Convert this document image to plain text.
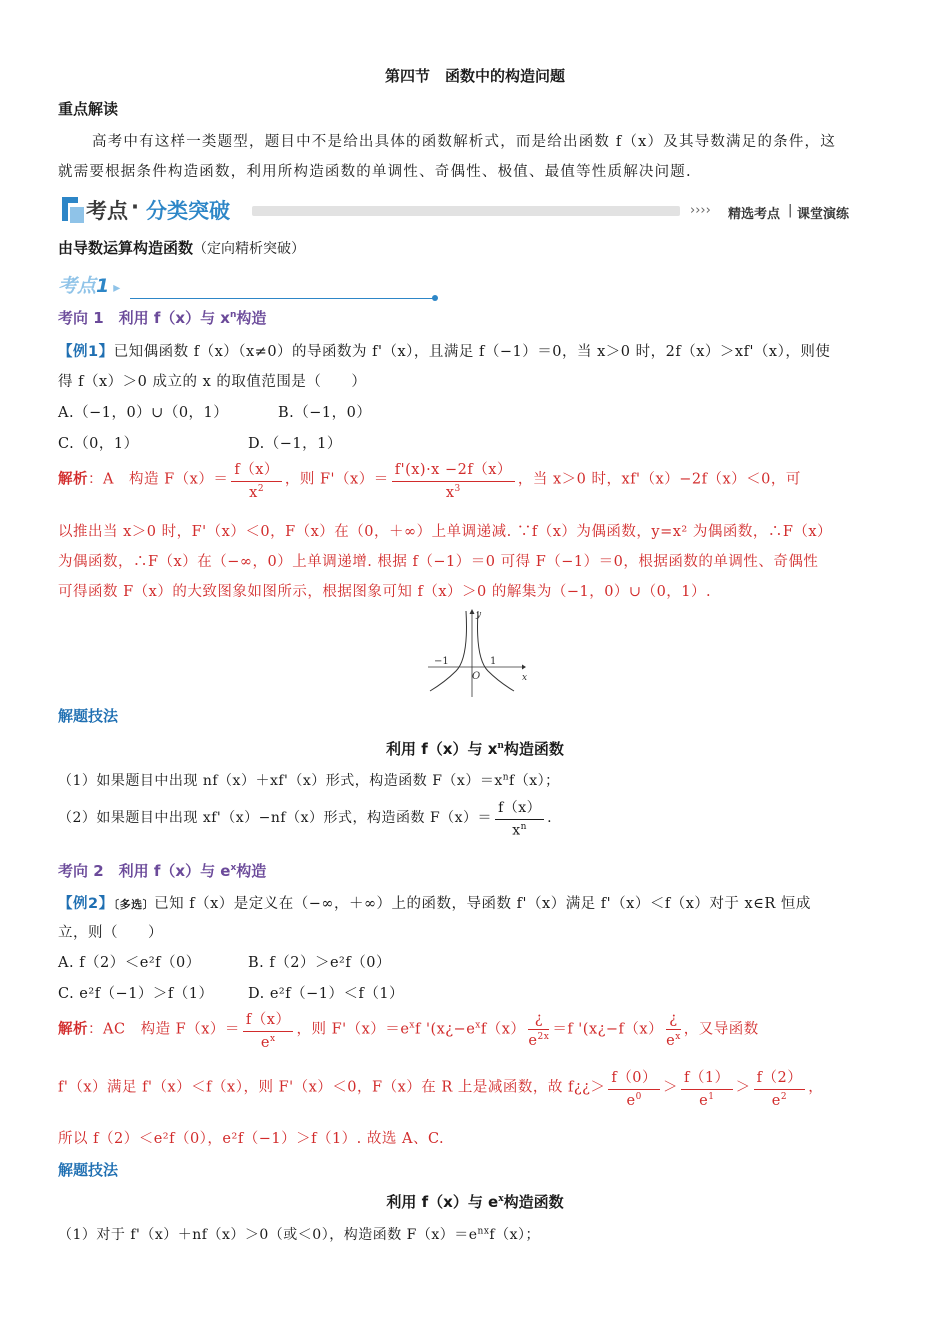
第四节　函数中的构造问题
重点解读
高考中有这样一类题型，题目中不是给出具体的函数解析式，而是给出函数 f（x）及其导数满足的条件，这
就需要根据条件构造函数，利用所构造函数的单调性、奇偶性、极值、最值等性质解决问题.
考点 · 分类突破	›››› 精选考点 | 课堂演练
由导数运算构造函数（定向精析突破）
考点1 ▸
考向 1　利用 f（x）与 $x^n$构造
【例1】已知偶函数 f（x）（x≠0）的导函数为 f'（x），且满足 f（−1）＝0，当 x＞0 时，2f（x）＞xf'（x），则使
得 f（x）＞0 成立的 x 的取值范围是（　　）
A.（−1，0）∪（0，1）	B.（−1，0）
C.（0，1）	D.（−1，1）
解析：A　构造 $F(x)= \frac{f(x)}{x^2}$ ，则 $F'(x)= \frac{f'(x)\cdot x -2f(x)}{x^3}$ ，当 x＞0 时，xf'（x）−2f（x）＜0，可
以推出当 x＞0 时，F'（x）＜0，F（x）在（0，＋∞）上单调递减. ∵f（x）为偶函数，y=x² 为偶函数，∴F（x）
为偶函数，∴F（x）在（−∞，0）上单调递增. 根据 f（−1）＝0 可得 F（−1）＝0，根据函数的单调性、奇偶性
可得函数 F（x）的大致图象如图所示，根据图象可知 f（x）＞0 的解集为（−1，0）∪（0，1）.
y
x
O
−1	1
解题技法
利用 f（x）与 $x^n$构造函数
（1）如果题目中出现 nf（x）＋xf'（x）形式，构造函数 $F(x)=x^nf(x)$；
（2）如果题目中出现 xf'（x）−nf（x）形式，构造函数 $F(x)= \frac{f(x)}{x^n}$ .
考向 2　利用 f（x）与 $e^x$构造
【例2】〔多选〕已知 f（x）是定义在（−∞，＋∞）上的函数，导函数 f'（x）满足 f'（x）＜f（x）对于 x∈R 恒成
立，则（　　）
A. f（2）＜e²f（0）	B. f（2）＞e²f（0）
C. e²f（−1）＞f（1） D. e²f（−1）＜f（1）
解析：AC　构造 $F(x)= \frac{f(x)}{e^x}$ ，则 $F'(x)=e^xf$ '($x¿-e^xf(x) \frac{¿}{e^{2x}} =f$ '(x¿−f（x） $\frac{¿}{e^x}$ ，又导函数
f'（x）满足 f'（x）＜f（x），则 F'（x）＜0，F（x）在 R 上是减函数，故 f¿¿＞ $\frac{f(0)}{e^0} > \frac{f(1)}{e^1} > \frac{f(2)}{e^2}$ ，
所以 f（2）＜e²f（0），e²f（−1）＞f（1）. 故选 A、C.
解题技法
利用 f（x）与 $e^x$构造函数
（1）对于 f'（x）＋nf（x）＞0（或＜0），构造函数 $F(x)=e^{nx}f(x)$；
